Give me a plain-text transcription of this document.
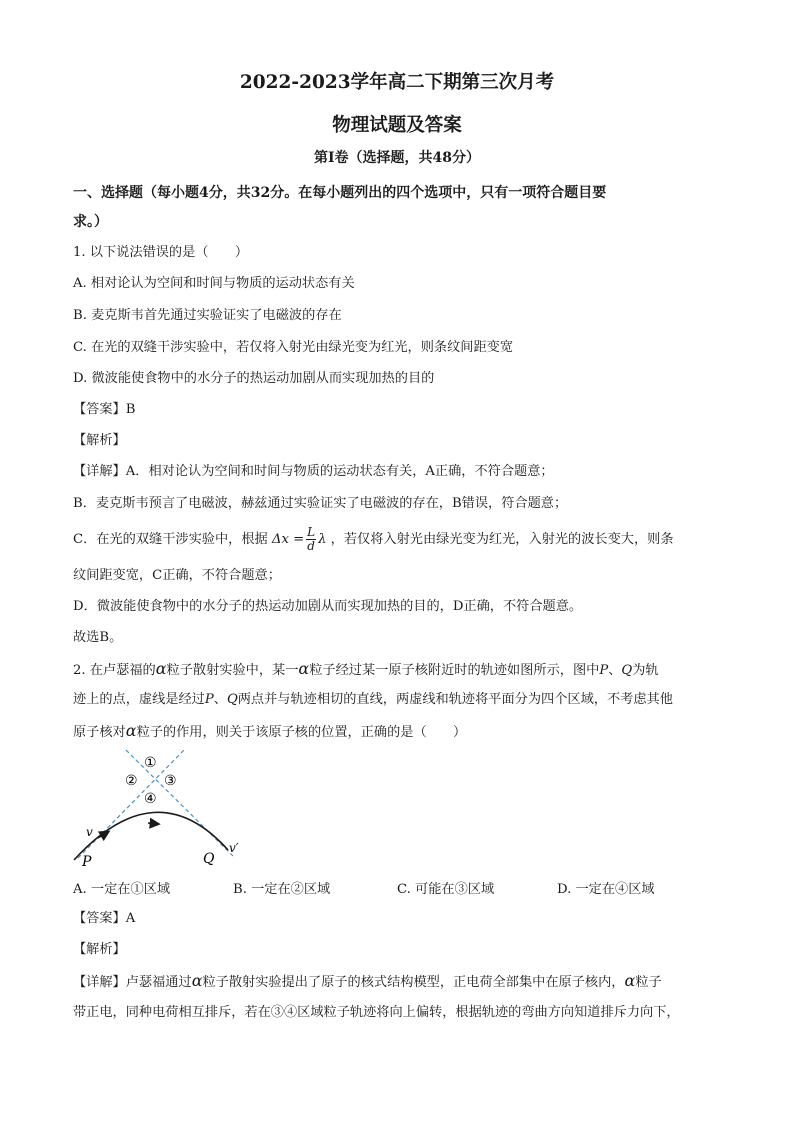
2022-2023学年高二下期第三次月考
物理试题及答案
第I卷（选择题，共48分）
一、选择题（每小题4分，共32分。在每小题列出的四个选项中，只有一项符合题目要
求。）
1. 以下说法错误的是（　　）
A. 相对论认为空间和时间与物质的运动状态有关
B. 麦克斯韦首先通过实验证实了电磁波的存在
C. 在光的双缝干涉实验中，若仅将入射光由绿光变为红光，则条纹间距变宽
D. 微波能使食物中的水分子的热运动加剧从而实现加热的目的
【答案】B
【解析】
【详解】A．相对论认为空间和时间与物质的运动状态有关，A正确，不符合题意；
B．麦克斯韦预言了电磁波，赫兹通过实验证实了电磁波的存在，B错误，符合题意；
C．在光的双缝干涉实验中，根据 $\Delta x = \frac{L}{d}$ λ ，若仅将入射光由绿光变为红光，入射光的波长变大，则条
纹间距变宽，C正确，不符合题意；
D．微波能使食物中的水分子的热运动加剧从而实现加热的目的，D正确，不符合题意。
故选B。
2. 在卢瑟福的α粒子散射实验中，某一α粒子经过某一原子核附近时的轨迹如图所示，图中P、Q为轨
迹上的点，虚线是经过P、Q两点并与轨迹相切的直线，两虚线和轨迹将平面分为四个区域，不考虑其他
原子核对α粒子的作用，则关于该原子核的位置，正确的是（　　）
①
② ③
④
v
v′
P	Q
A. 一定在①区域	B. 一定在②区域	C. 可能在③区域	D. 一定在④区域
【答案】A
【解析】
【详解】卢瑟福通过α粒子散射实验提出了原子的核式结构模型，正电荷全部集中在原子核内，α粒子
带正电，同种电荷相互排斥，若在③④区域粒子轨迹将向上偏转，根据轨迹的弯曲方向知道排斥力向下，
